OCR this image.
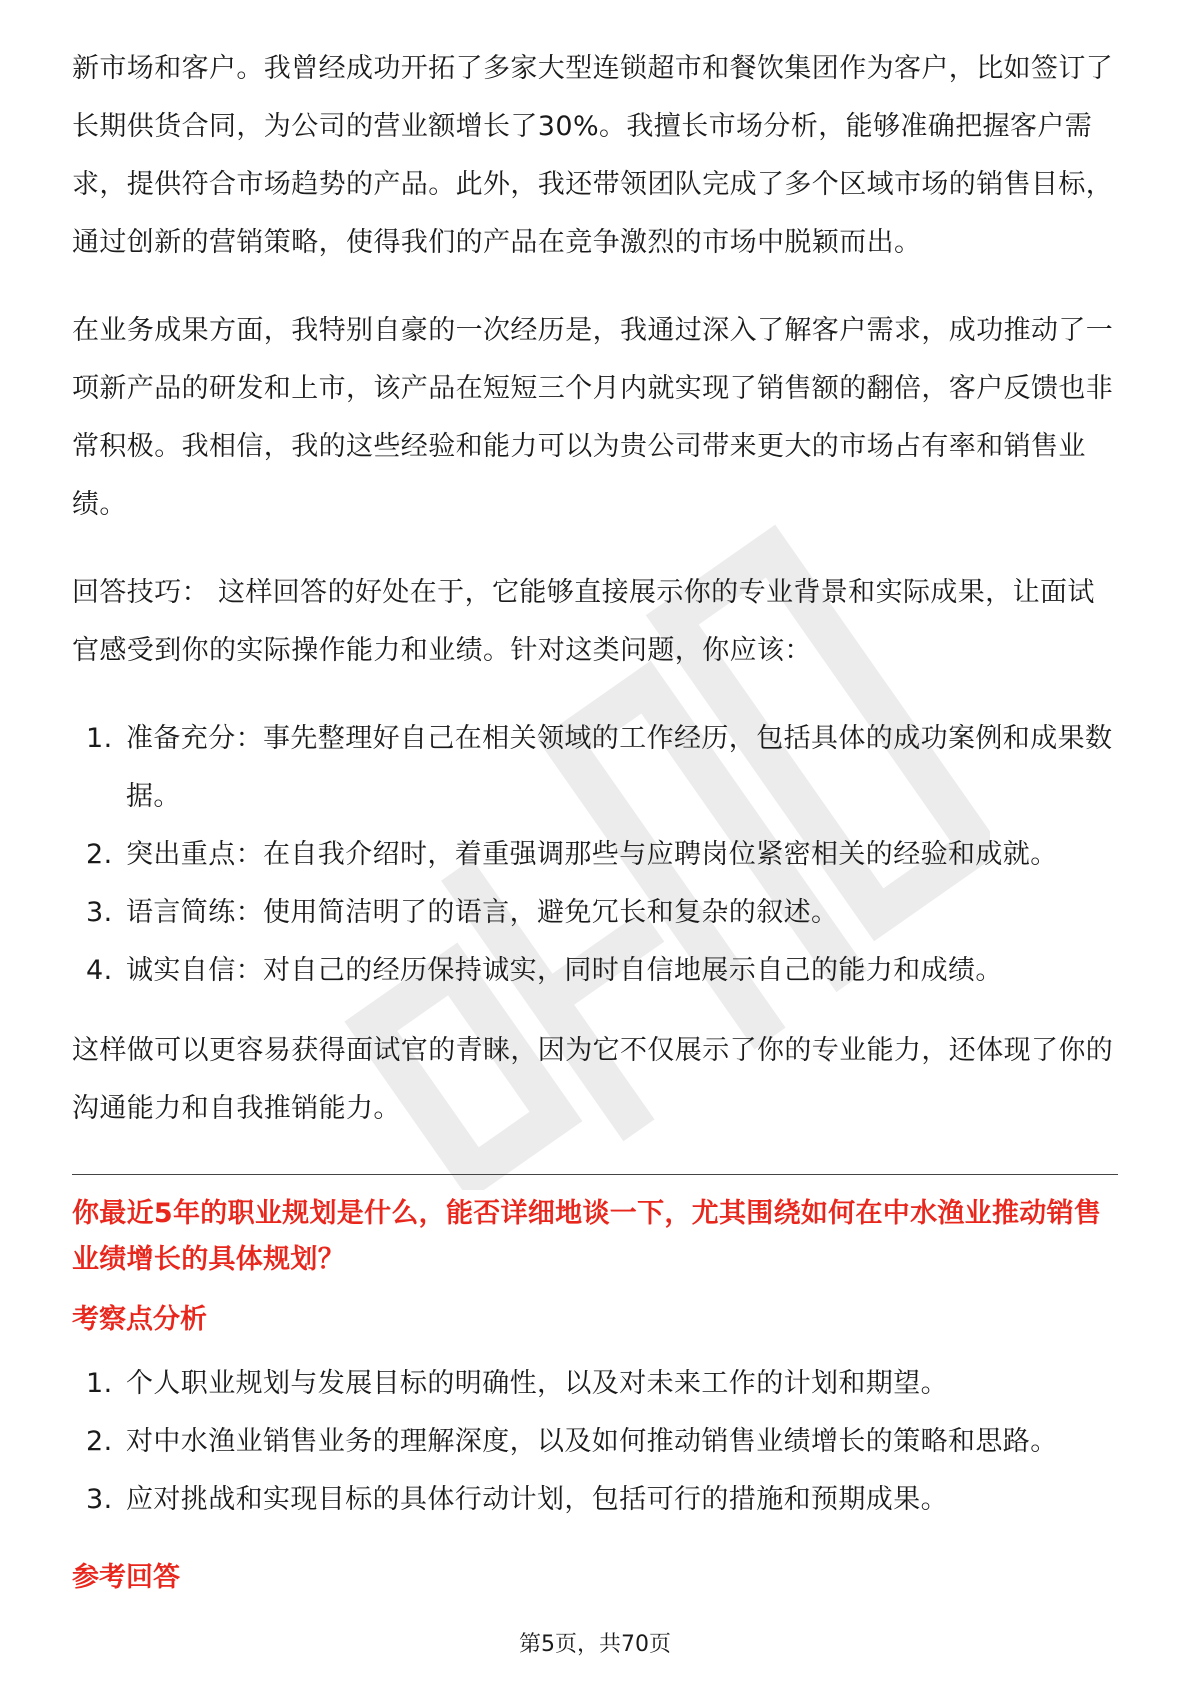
新市场和客户。我曾经成功开拓了多家大型连锁超市和餐饮集团作为客户，比如签订了长期供货合同，为公司的营业额增长了30%。我擅长市场分析，能够准确把握客户需求，提供符合市场趋势的产品。此外，我还带领团队完成了多个区域市场的销售目标，通过创新的营销策略，使得我们的产品在竞争激烈的市场中脱颖而出。

在业务成果方面，我特别自豪的一次经历是，我通过深入了解客户需求，成功推动了一项新产品的研发和上市，该产品在短短三个月内就实现了销售额的翻倍，客户反馈也非常积极。我相信，我的这些经验和能力可以为贵公司带来更大的市场占有率和销售业绩。

回答技巧： 这样回答的好处在于，它能够直接展示你的专业背景和实际成果，让面试官感受到你的实际操作能力和业绩。针对这类问题，你应该：

1. 准备充分：事先整理好自己在相关领域的工作经历，包括具体的成功案例和成果数据。
2. 突出重点：在自我介绍时，着重强调那些与应聘岗位紧密相关的经验和成就。
3. 语言简练：使用简洁明了的语言，避免冗长和复杂的叙述。
4. 诚实自信：对自己的经历保持诚实，同时自信地展示自己的能力和成绩。

这样做可以更容易获得面试官的青睐，因为它不仅展示了你的专业能力，还体现了你的沟通能力和自我推销能力。

你最近5年的职业规划是什么，能否详细地谈一下，尤其围绕如何在中水渔业推动销售业绩增长的具体规划？

考察点分析
1. 个人职业规划与发展目标的明确性，以及对未来工作的计划和期望。
2. 对中水渔业销售业务的理解深度，以及如何推动销售业绩增长的策略和思路。
3. 应对挑战和实现目标的具体行动计划，包括可行的措施和预期成果。
参考回答
第5页，共70页
